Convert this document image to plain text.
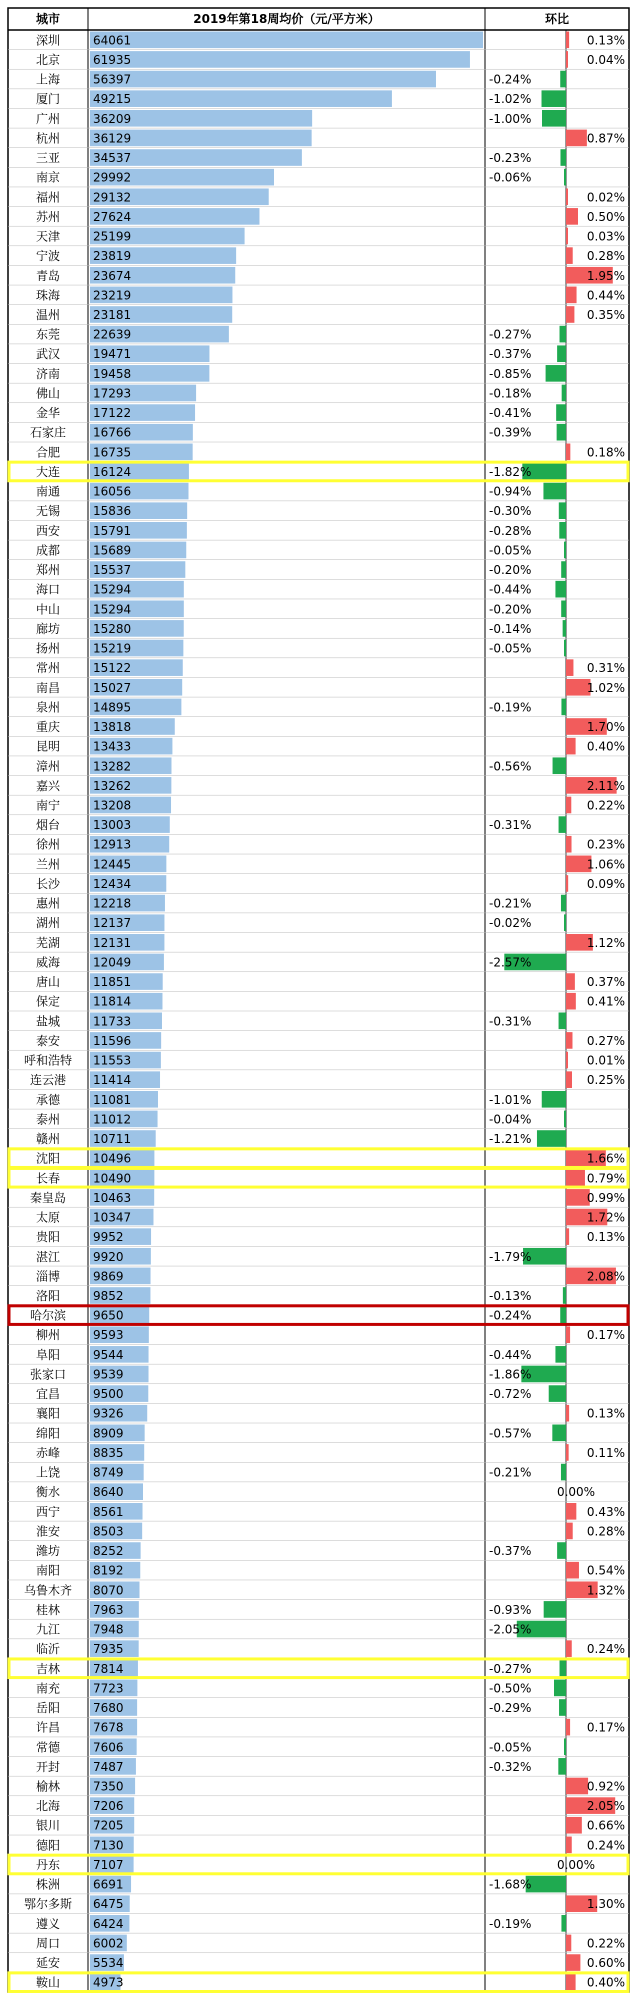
深圳	64061	0.13%
北京	61935	0.04%
上海	56397	-0.24%
厦门	49215	-1.02%
广州	36209	-1.00%
杭州	36129	0.87%
三亚	34537	-0.23%
南京	29992	-0.06%
福州	29132	0.02%
苏州	27624	0.50%
天津	25199	0.03%
宁波	23819	0.28%
青岛	23674	1.95%
珠海	23219	0.44%
温州	23181	0.35%
东莞	22639	-0.27%
武汉	19471	-0.37%
济南	19458	-0.85%
佛山	17293	-0.18%
金华	17122	-0.41%
石家庄 16766	-0.39%
合肥	16735	0.18%
大连	16124	-1.82%
南通	16056	-0.94%
无锡	15836	-0.30%
西安	15791	-0.28%
成都	15689	-0.05%
郑州	15537	-0.20%
海口	15294	-0.44%
中山	15294	-0.20%
廊坊	15280	-0.14%
扬州	15219	-0.05%
常州	15122	0.31%
南昌	15027	1.02%
泉州	14895	-0.19%
重庆	13818	1.70%
昆明	13433	0.40%
漳州	13282	-0.56%
嘉兴	13262	2.11%
南宁	13208	0.22%
烟台	13003	-0.31%
徐州	12913	0.23%
兰州	12445	1.06%
长沙	12434	0.09%
惠州	12218	-0.21%
湖州	12137	-0.02%
芜湖	12131	1.12%
威海	12049	-2.57%
唐山	11851	0.37%
保定	11814	0.41%
盐城	11733	-0.31%
泰安	11596	0.27%
呼和浩特 11553	0.01%
连云港 11414	0.25%
承德	11081	-1.01%
泰州	11012	-0.04%
赣州	10711	-1.21%
沈阳	10496	1.66%
长春	10490	0.79%
秦皇岛 10463	0.99%
太原	10347	1.72%
贵阳	9952	0.13%
湛江	9920	-1.79%
淄博	9869	2.08%
洛阳	9852	-0.13%
哈尔滨 9650	-0.24%
柳州	9593	0.17%
阜阳	9544	-0.44%
张家口 9539	-1.86%
宜昌	9500	-0.72%
襄阳	9326	0.13%
绵阳	8909	-0.57%
赤峰	8835	0.11%
上饶	8749	-0.21%
衡水	8640	0.00%
西宁	8561	0.43%
淮安	8503	0.28%
潍坊	8252	-0.37%
南阳	8192	0.54%
乌鲁木齐 8070	1.32%
桂林	7963	-0.93%
九江	7948	-2.05%
临沂	7935	0.24%
吉林	7814	-0.27%
南充	7723	-0.50%
岳阳	7680	-0.29%
许昌	7678	0.17%
常德	7606	-0.05%
开封	7487	-0.32%
榆林	7350	0.92%
北海	7206	2.05%
银川	7205	0.66%
德阳	7130	0.24%
丹东	7107	0.00%
株洲	6691	-1.68%
鄂尔多斯 6475	1.30%
遵义	6424	-0.19%
周口	6002	0.22%
延安	5534	0.60%
鞍山	4973	0.40%
城市	2019年第18周均价（元/平方米）	环比
